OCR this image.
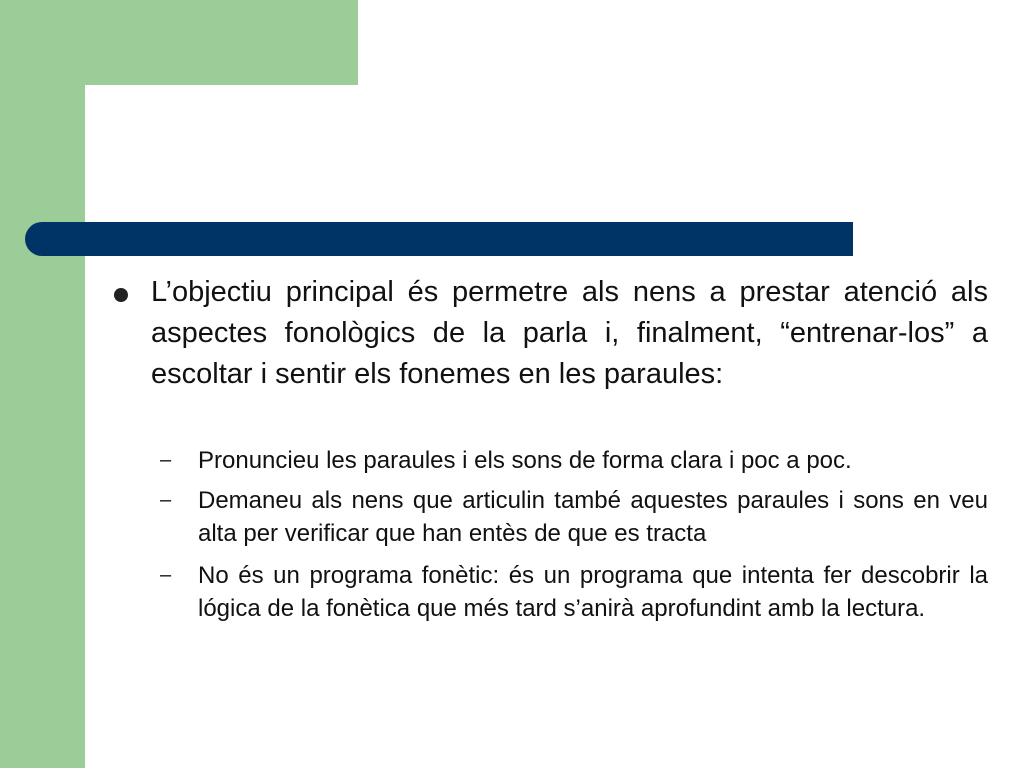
L’objectiu principal és permetre als nens a prestar atenció als aspectes fonològics de la parla i, finalment, “entrenar-los” a escoltar i sentir els fonemes en les paraules:
– Pronuncieu les paraules i els sons de forma clara i poc a poc.
– Demaneu als nens que articulin també aquestes paraules i sons en veu alta per verificar que han entès de que es tracta
– No és un programa fonètic: és un programa que intenta fer descobrir la lógica de la fonètica que més tard s’anirà aprofundint amb la lectura.
